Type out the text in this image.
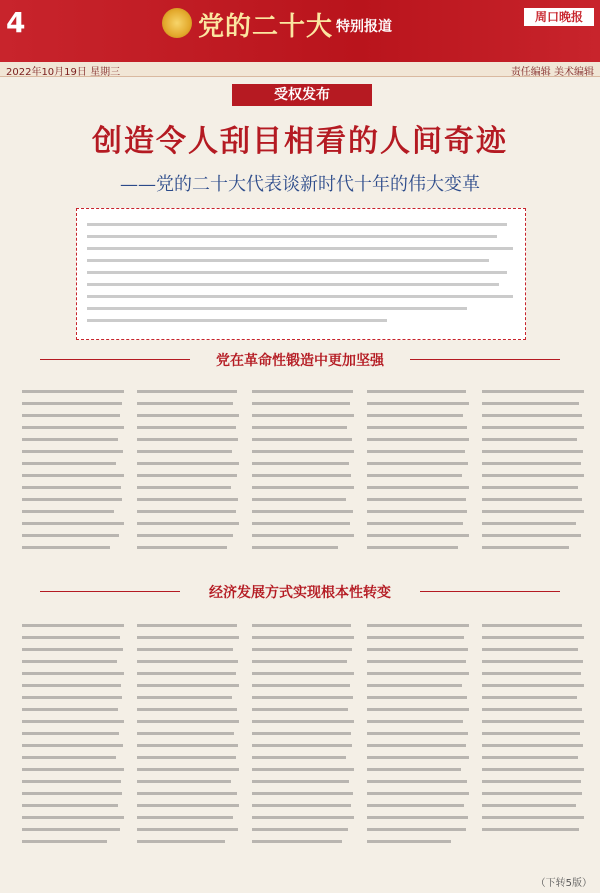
4	党的二十大 特别报道
周口晚报
2022年10月19日 星期三	责任编辑 美术编辑
受权发布
创造令人刮目相看的人间奇迹
——党的二十大代表谈新时代十年的伟大变革
党在革命性锻造中更加坚强
经济发展方式实现根本性转变
（下转5版）
